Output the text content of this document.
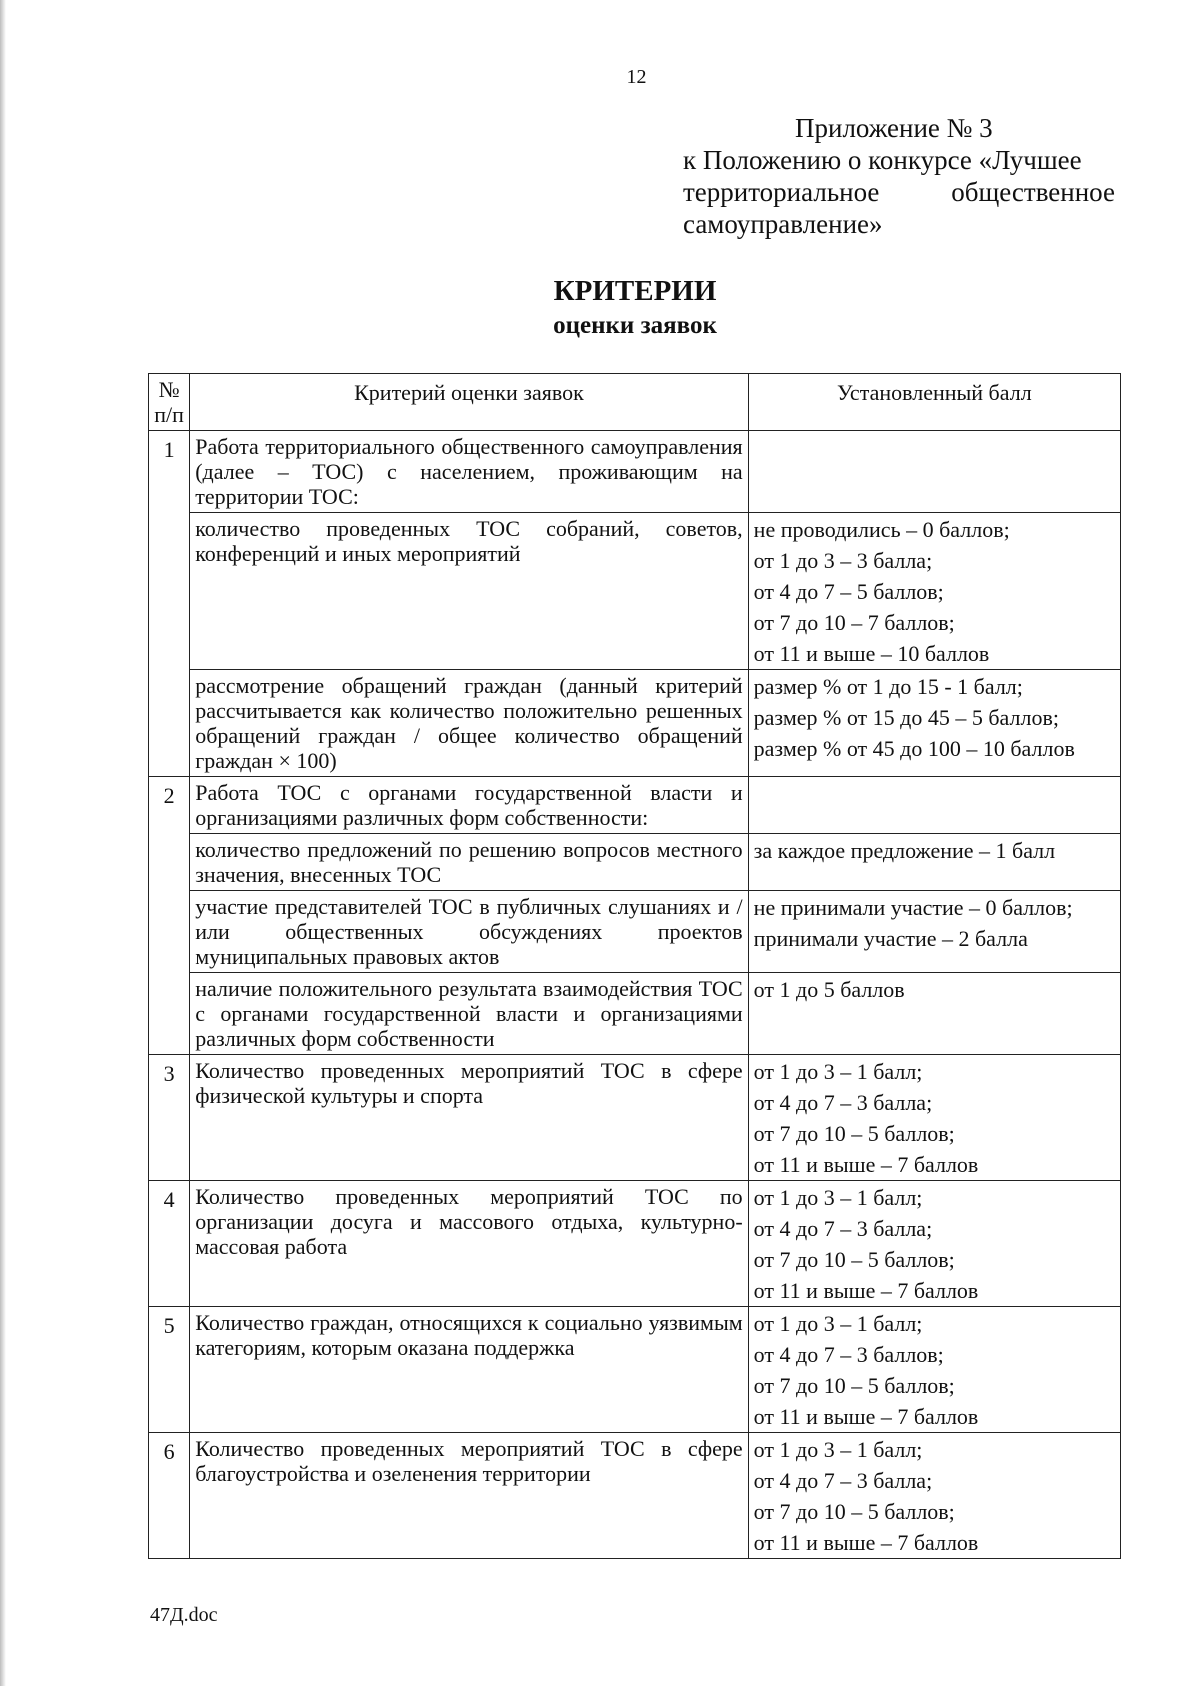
12
Приложение № 3
к Положению о конкурсе «Лучшее
территориальное	общественное
самоуправление»
КРИТЕРИИ
оценки заявок
№ п/п	Критерий оценки заявок	Установленный балл
1	Работа территориального общественного самоуправления (далее – ТОС) с населением, проживающим на территории ТОС:	
	количество проведенных ТОС собраний, советов, конференций и иных мероприятий	не проводились – 0 баллов;
от 1 до 3 – 3 балла;
от 4 до 7 – 5 баллов;
от 7 до 10 – 7 баллов;
от 11 и выше – 10 баллов

	рассмотрение обращений граждан (данный критерий рассчитывается как количество положительно решенных обращений граждан / общее количество обращений граждан × 100)	размер % от 1 до 15 - 1 балл;
размер % от 15 до 45 – 5 баллов;
размер % от 45 до 100 – 10 баллов

2	Работа ТОС с органами государственной власти и организациями различных форм собственности:	
	количество предложений по решению вопросов местного значения, внесенных ТОС	за каждое предложение – 1 балл

	участие представителей ТОС в публичных слушаниях и / или общественных обсуждениях проектов муниципальных правовых актов	не принимали участие – 0 баллов;
принимали участие – 2 балла

	наличие положительного результата взаимодействия ТОС с органами государственной власти и организациями различных форм собственности	от 1 до 5 баллов

3	Количество проведенных мероприятий ТОС в сфере физической культуры и спорта	от 1 до 3 – 1 балл;
от 4 до 7 – 3 балла;
от 7 до 10 – 5 баллов;
от 11 и выше – 7 баллов

4	Количество проведенных мероприятий ТОС по организации досуга и массового отдыха, культурно-массовая работа	от 1 до 3 – 1 балл;
от 4 до 7 – 3 балла;
от 7 до 10 – 5 баллов;
от 11 и выше – 7 баллов

5	Количество граждан, относящихся к социально уязвимым категориям, которым оказана поддержка	от 1 до 3 – 1 балл;
от 4 до 7 – 3 баллов;
от 7 до 10 – 5 баллов;
от 11 и выше – 7 баллов

6	Количество проведенных мероприятий ТОС в сфере благоустройства и озеленения территории	от 1 до 3 – 1 балл;
от 4 до 7 – 3 балла;
от 7 до 10 – 5 баллов;
от 11 и выше – 7 баллов
47Д.doc
